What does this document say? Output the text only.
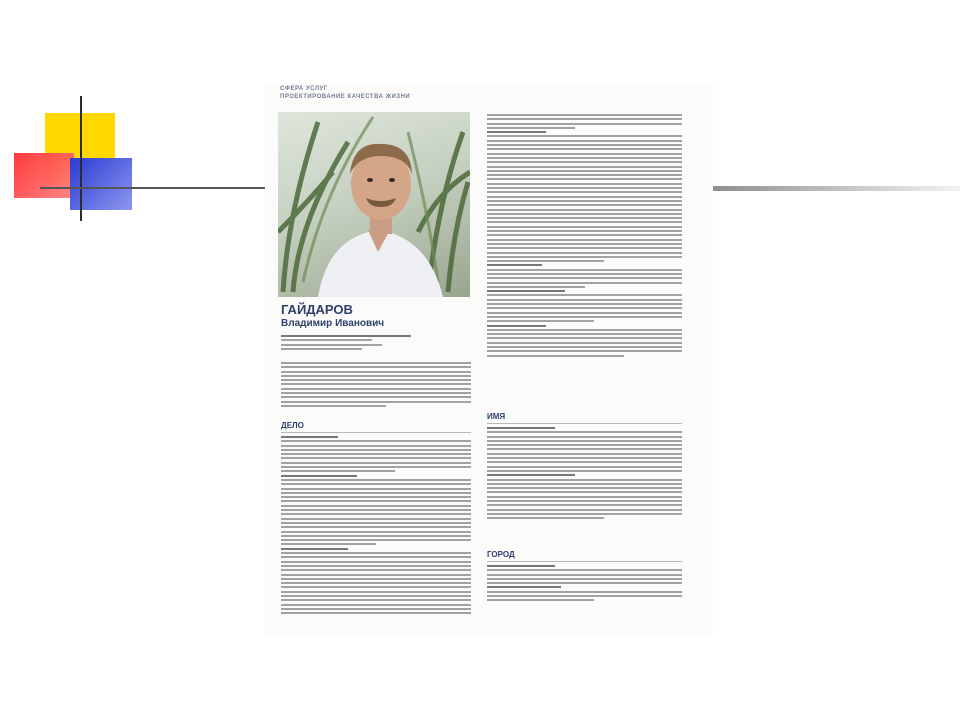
СФЕРА УСЛУГ
ПРОЕКТИРОВАНИЕ КАЧЕСТВА ЖИЗНИ
ГАЙДАРОВ
Владимир Иванович
ДЕЛО
ИМЯ
ГОРОД
